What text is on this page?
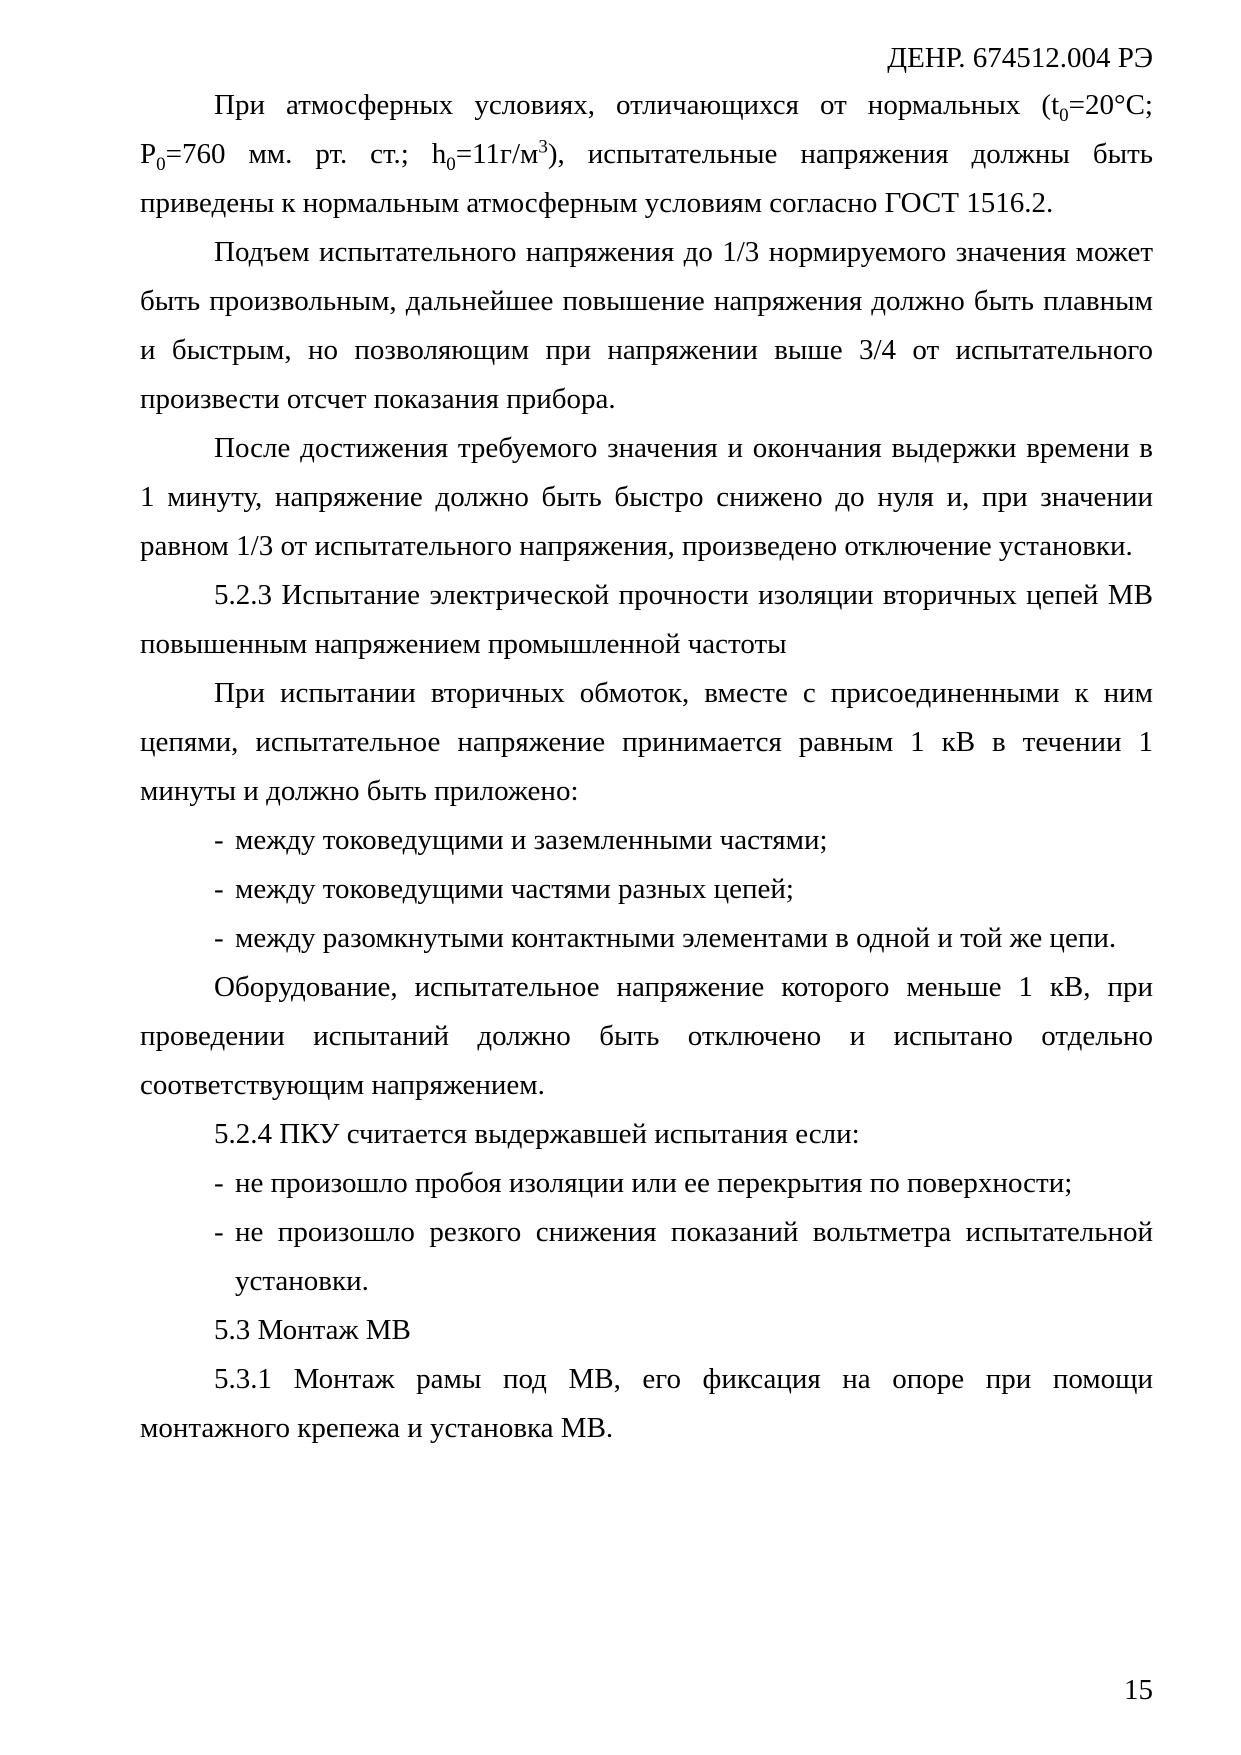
ДЕНР. 674512.004 РЭ
При атмосферных условиях, отличающихся от нормальных ($t_0=20^\circ С$; $Р_0=760$ мм. рт. ст.; $h_0=11г/м^3$), испытательные напряжения должны быть приведены к нормальным атмосферным условиям согласно ГОСТ 1516.2.
Подъем испытательного напряжения до 1/3 нормируемого значения может быть произвольным, дальнейшее повышение напряжения должно быть плавным и быстрым, но позволяющим при напряжении выше 3/4 от испытательного произвести отсчет показания прибора.
После достижения требуемого значения и окончания выдержки времени в 1 минуту, напряжение должно быть быстро снижено до нуля и, при значении равном 1/3 от испытательного напряжения, произведено отключение установки.
5.2.3 Испытание электрической прочности изоляции вторичных цепей МВ повышенным напряжением промышленной частоты
При испытании вторичных обмоток, вместе с присоединенными к ним цепями, испытательное напряжение принимается равным 1 кВ в течении 1 минуты и должно быть приложено:
- между токоведущими и заземленными частями;
- между токоведущими частями разных цепей;
- между разомкнутыми контактными элементами в одной и той же цепи.
Оборудование, испытательное напряжение которого меньше 1 кВ, при проведении испытаний должно быть отключено и испытано отдельно соответствующим напряжением.
5.2.4 ПКУ считается выдержавшей испытания если:
- не произошло пробоя изоляции или ее перекрытия по поверхности;
- не произошло резкого снижения показаний вольтметра испытательной установки.
5.3 Монтаж МВ
5.3.1 Монтаж рамы под МВ, его фиксация на опоре при помощи монтажного крепежа и установка МВ.
15
